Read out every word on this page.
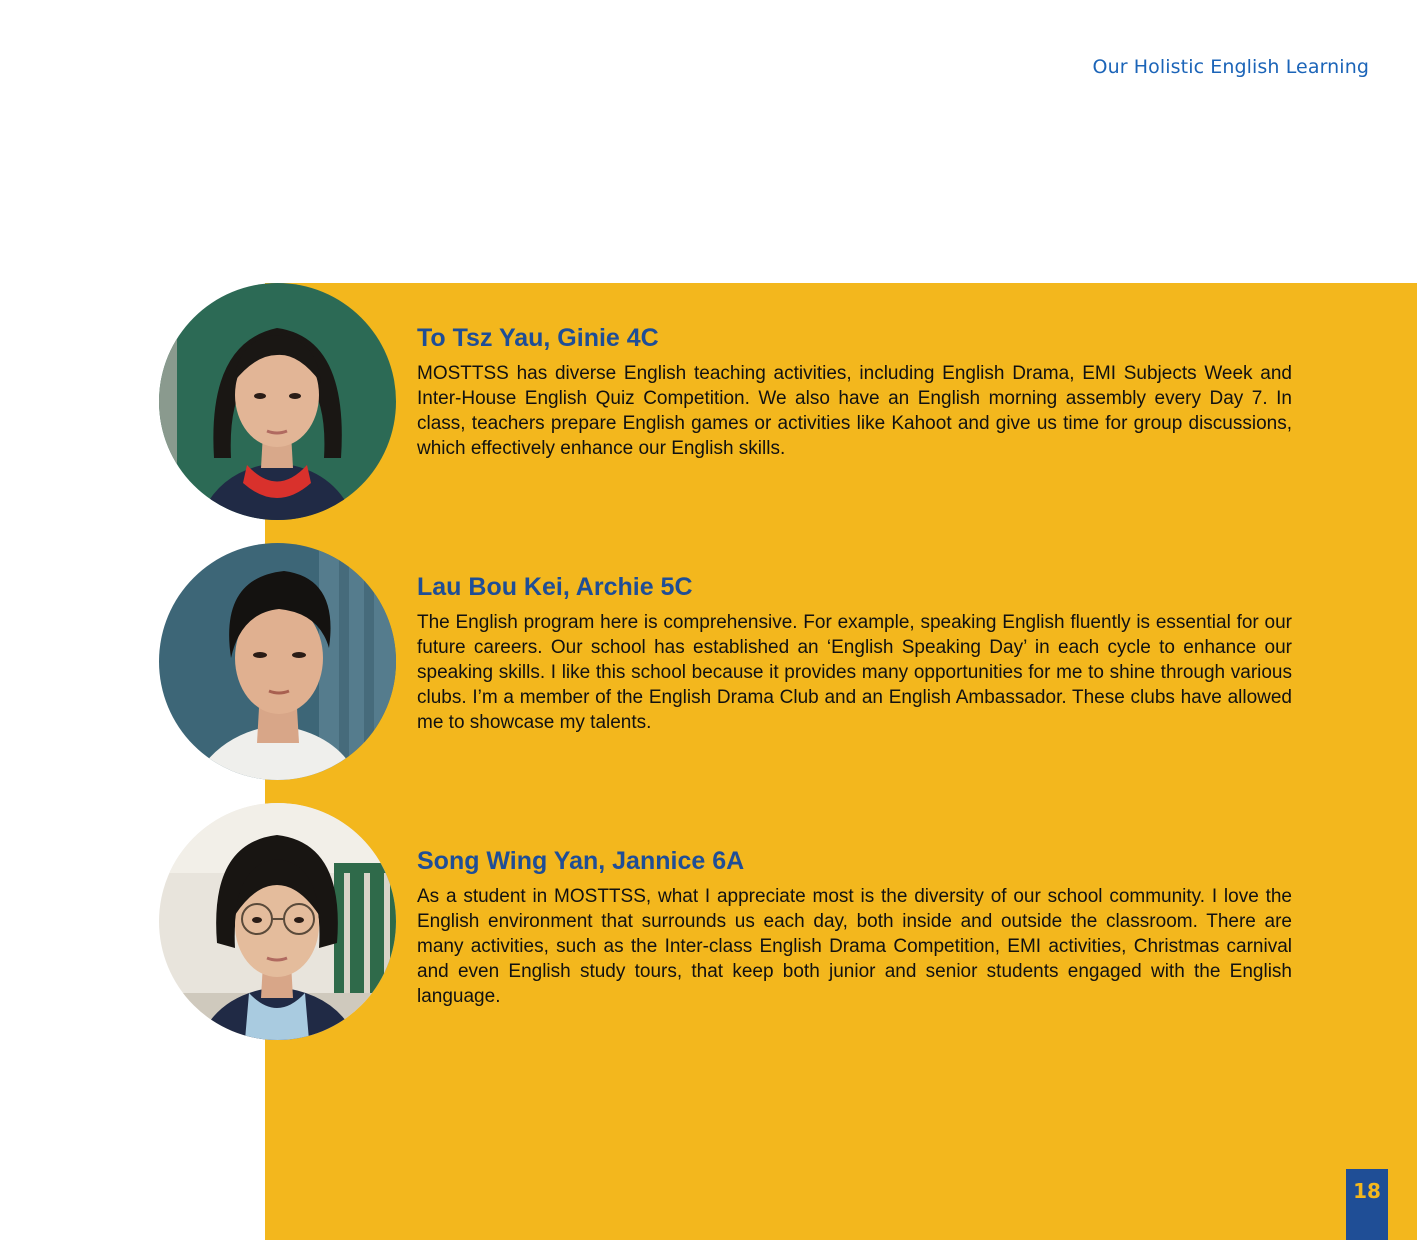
Our Holistic English Learning
To Tsz Yau, Ginie 4C

MOSTTSS has diverse English teaching activities, including English Drama, EMI Subjects Week and Inter-House English Quiz Competition. We also have an English morning assembly every Day 7. In class, teachers prepare English games or activities like Kahoot and give us time for group discussions, which effectively enhance our English skills.

Lau Bou Kei, Archie 5C

The English program here is comprehensive. For example, speaking English fluently is essential for our future careers. Our school has established an ‘English Speaking Day’ in each cycle to enhance our speaking skills. I like this school because it provides many opportunities for me to shine through various clubs. I’m a member of the English Drama Club and an English Ambassador. These clubs have allowed me to showcase my talents.

Song Wing Yan, Jannice 6A

As a student in MOSTTSS, what I appreciate most is the diversity of our school community. I love the English environment that surrounds us each day, both inside and outside the classroom. There are many activities, such as the Inter-class English Drama Competition, EMI activities, Christmas carnival and even English study tours, that keep both junior and senior students engaged with the English language.

18
